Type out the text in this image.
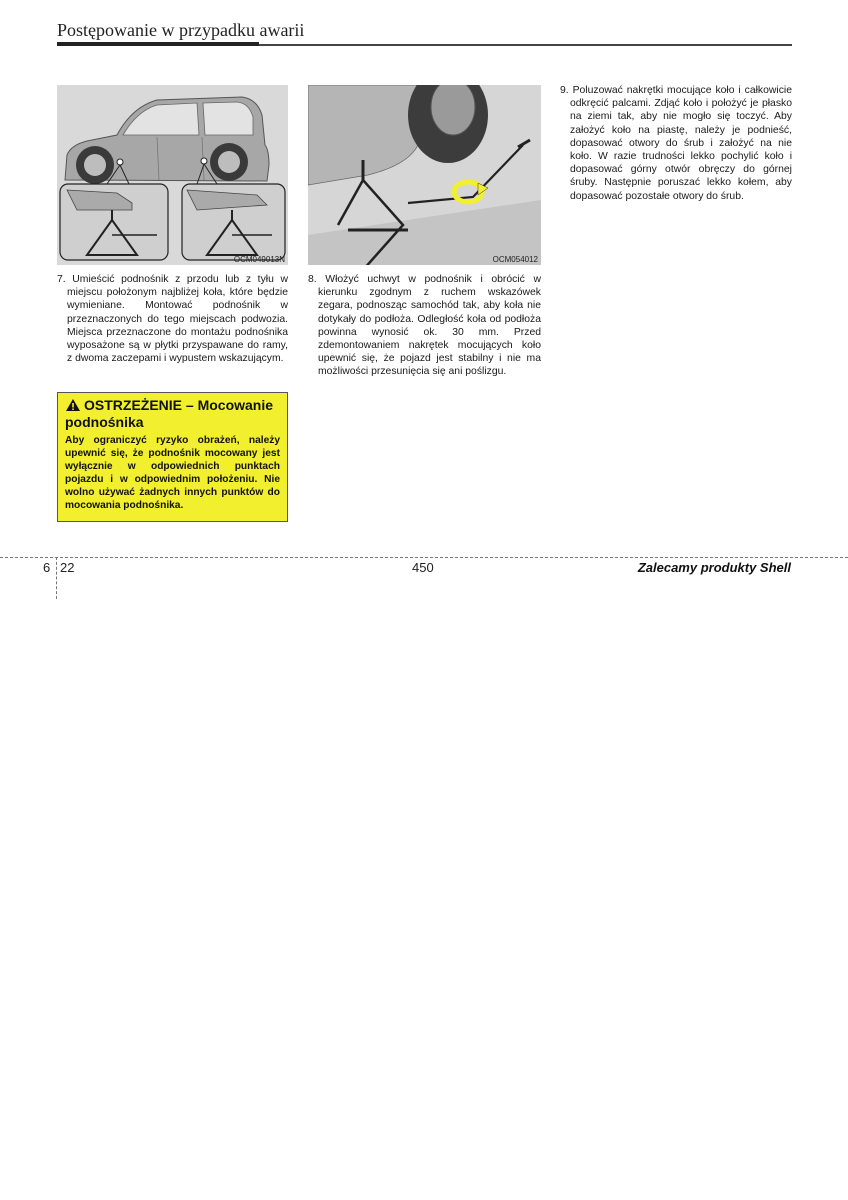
Postępowanie w przypadku awarii
OCM049013N	OCM054012
7. Umieścić podnośnik z przodu lub z tyłu w miejscu położonym najbliżej koła, które będzie wymieniane. Montować podnośnik w przeznaczonych do tego miejscach podwozia. Miejsca przeznaczone do montażu podnośnika wyposażone są w płytki przyspawane do ramy, z dwoma zaczepami i wypustem wskazującym.
OSTRZEŻENIE – Mocowanie podnośnika
Aby ograniczyć ryzyko obrażeń, należy upewnić się, że podnośnik mocowany jest wyłącznie w odpowiednich punktach pojazdu i w odpowiednim położeniu. Nie wolno używać żadnych innych punktów do mocowania podnośnika.
8. Włożyć uchwyt w podnośnik i obrócić w kierunku zgodnym z ruchem wskazówek zegara, podnosząc samochód tak, aby koła nie dotykały do podłoża. Odległość koła od podłoża powinna wynosić ok. 30 mm. Przed zdemontowaniem nakrętek mocujących koło upewnić się, że pojazd jest stabilny i nie ma możliwości przesunięcia się ani poślizgu.
9. Poluzować nakrętki mocujące koło i całkowicie odkręcić palcami. Zdjąć koło i położyć je płasko na ziemi tak, aby nie mogło się toczyć. Aby założyć koło na piastę, należy je podnieść, dopasować otwory do śrub i założyć na nie koło. W razie trudności lekko pochylić koło i dopasować górny otwór obręczy do górnej śruby. Następnie poruszać lekko kołem, aby dopasować pozostałe otwory do śrub.
6 22	450	Zalecamy produkty Shell
